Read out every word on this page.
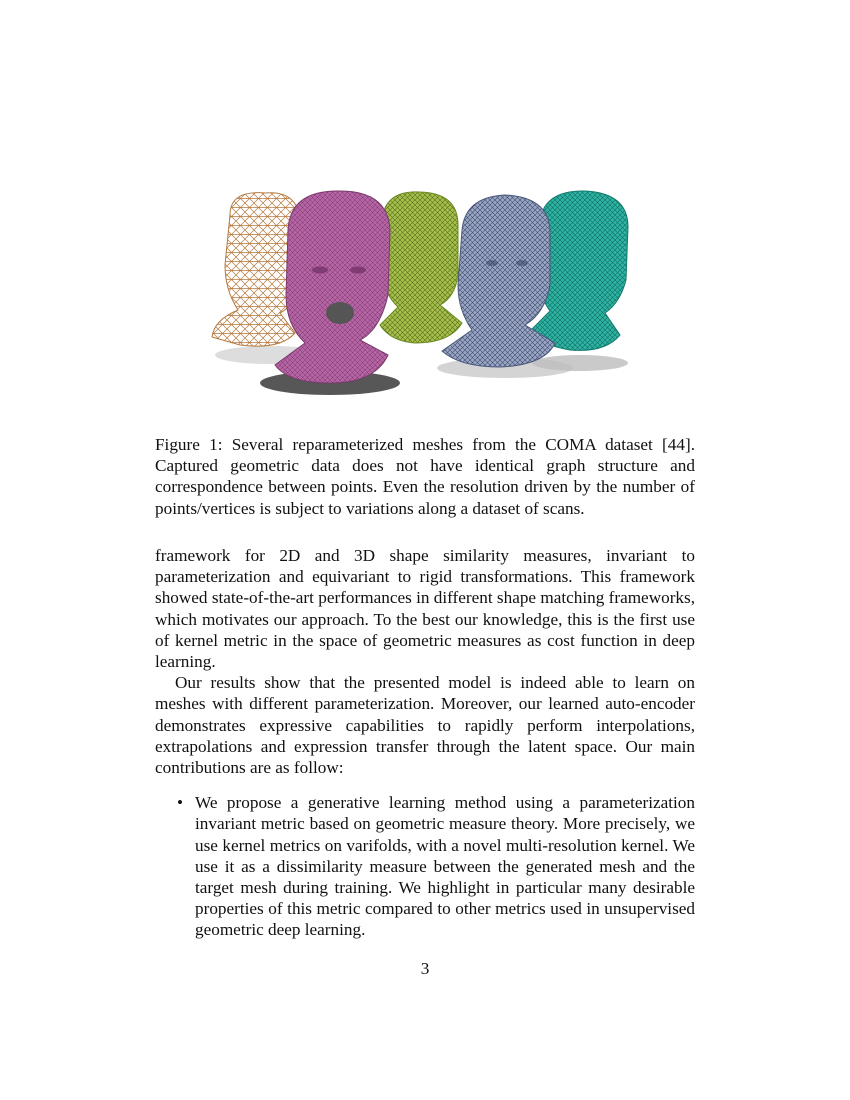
Figure 1: Several reparameterized meshes from the COMA dataset [44]. Captured geometric data does not have identical graph structure and correspondence between points. Even the resolution driven by the number of points/vertices is subject to variations along a dataset of scans.

framework for 2D and 3D shape similarity measures, invariant to parameterization and equivariant to rigid transformations. This framework showed state-of-the-art performances in different shape matching frameworks, which motivates our approach. To the best our knowledge, this is the first use of kernel metric in the space of geometric measures as cost function in deep learning.

Our results show that the presented model is indeed able to learn on meshes with different parameterization. Moreover, our learned auto-encoder demonstrates expressive capabilities to rapidly perform interpolations, extrapolations and expression transfer through the latent space. Our main contributions are as follow:

• We propose a generative learning method using a parameterization invariant metric based on geometric measure theory. More precisely, we use kernel metrics on varifolds, with a novel multi-resolution kernel. We use it as a dissimilarity measure between the generated mesh and the target mesh during training. We highlight in particular many desirable properties of this metric compared to other metrics used in unsupervised geometric deep learning.
3
